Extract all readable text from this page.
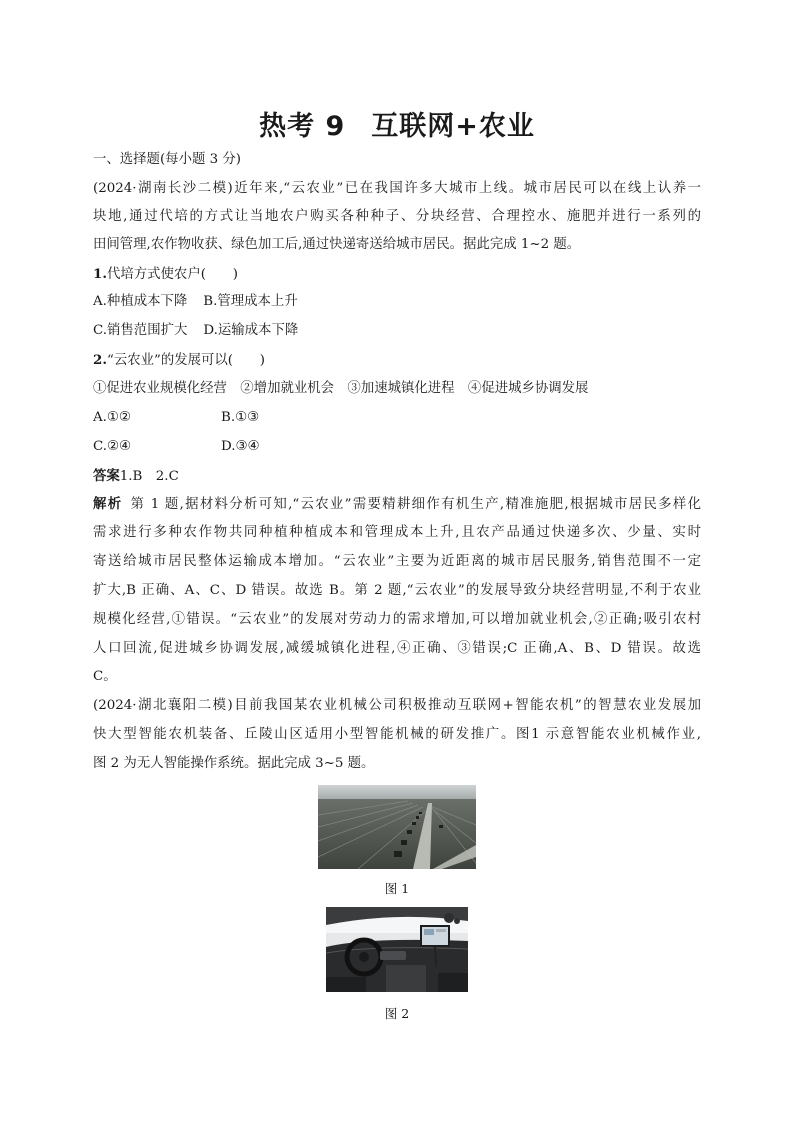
热考 9 互联网+农业
一、选择题(每小题 3 分)
(2024·湖南长沙二模)近年来,“云农业”已在我国许多大城市上线。城市居民可以在线上认养一
块地,通过代培的方式让当地农户购买各种种子、分块经营、合理控水、施肥并进行一系列的
田间管理,农作物收获、绿色加工后,通过快递寄送给城市居民。据此完成 1~2 题。
1.代培方式使农户(　　)
A.种植成本下降 B.管理成本上升
C.销售范围扩大 D.运输成本下降
2.“云农业”的发展可以(　　)
①促进农业规模化经营　②增加就业机会　③加速城镇化进程　④促进城乡协调发展
A.①②	B.①③
C.②④	D.③④
答案1.B　2.C
解析  第 1 题,据材料分析可知,“云农业”需要精耕细作有机生产,精准施肥,根据城市居民多样化
需求进行多种农作物共同种植种植成本和管理成本上升,且农产品通过快递多次、少量、实时
寄送给城市居民整体运输成本增加。“云农业”主要为近距离的城市居民服务,销售范围不一定
扩大,B 正确、A、C、D 错误。故选 B。第 2 题,“云农业”的发展导致分块经营明显,不利于农业
规模化经营,①错误。“云农业”的发展对劳动力的需求增加,可以增加就业机会,②正确;吸引农村
人口回流,促进城乡协调发展,减缓城镇化进程,④正确、③错误;C 正确,A、B、D 错误。故选
C。
(2024·湖北襄阳二模)目前我国某农业机械公司积极推动互联网+智能农机”的智慧农业发展加
快大型智能农机装备、丘陵山区适用小型智能机械的研发推广。图1 示意智能农业机械作业,
图 2 为无人智能操作系统。据此完成 3~5 题。
图 1
图 2
